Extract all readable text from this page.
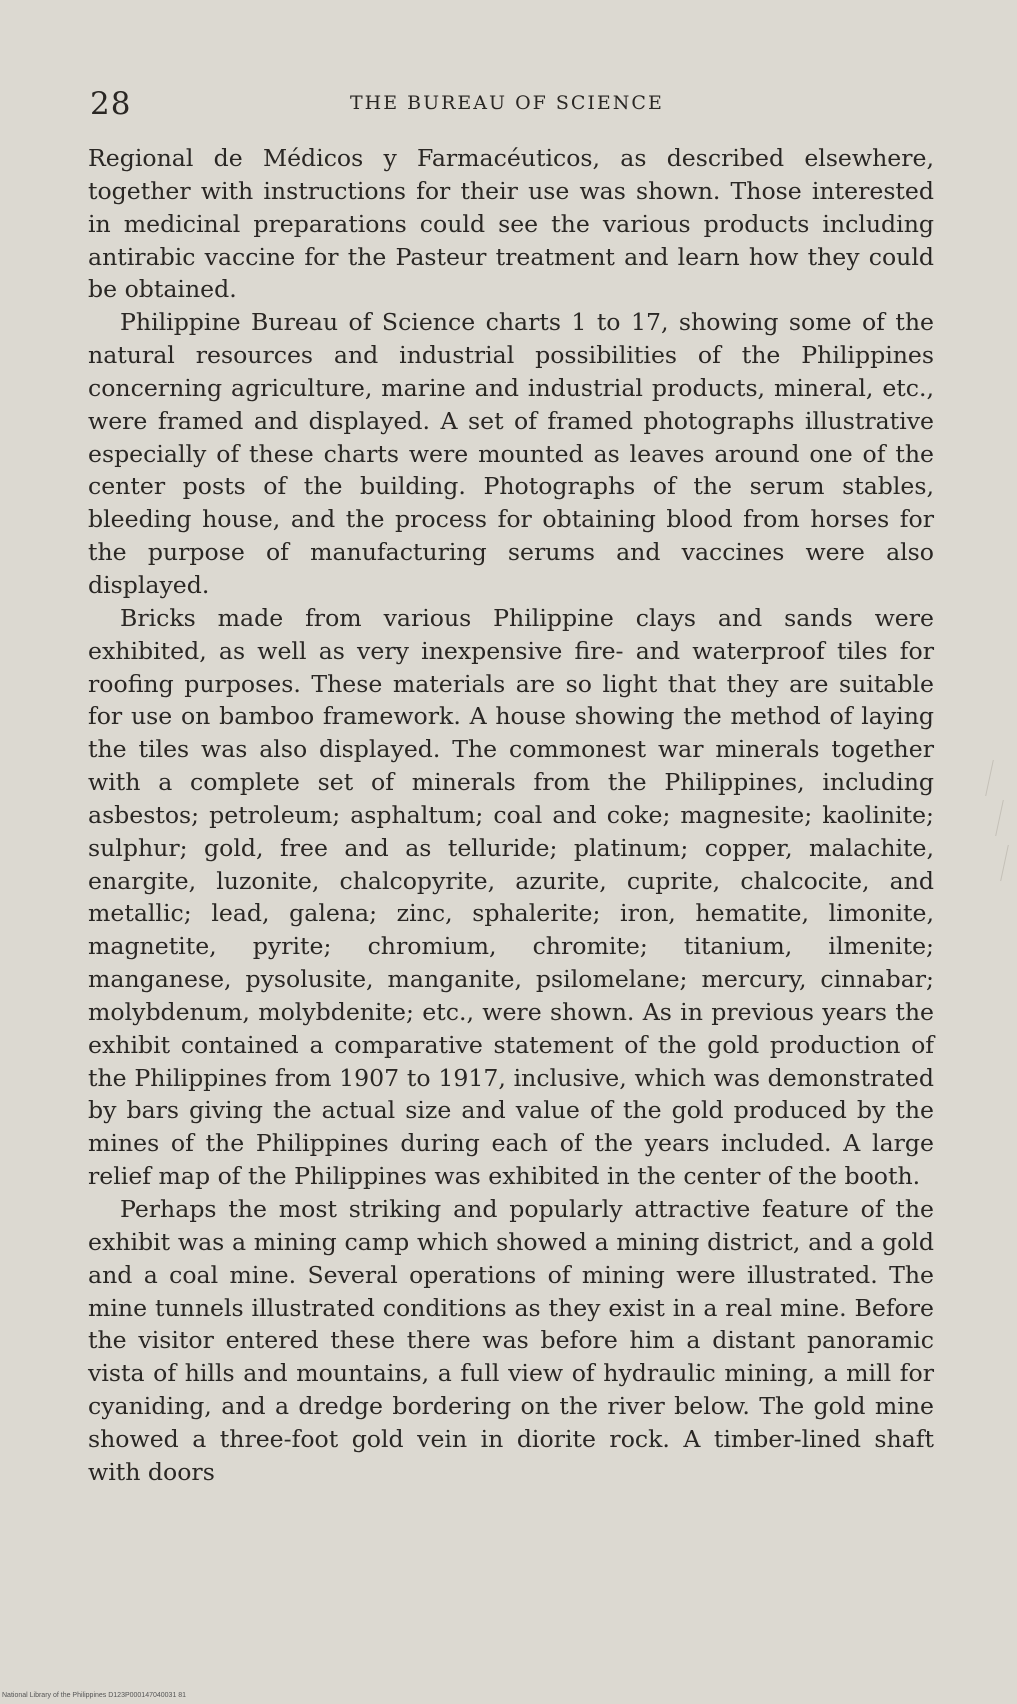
28	THE BUREAU OF SCIENCE

Regional de Médicos y Farmacéuticos, as described elsewhere, together with instructions for their use was shown. Those interested in medicinal preparations could see the various products including antirabic vaccine for the Pasteur treatment and learn how they could be obtained.

Philippine Bureau of Science charts 1 to 17, showing some of the natural resources and industrial possibilities of the Philippines concerning agriculture, marine and industrial products, mineral, etc., were framed and displayed. A set of framed photographs illustrative especially of these charts were mounted as leaves around one of the center posts of the building. Photographs of the serum stables, bleeding house, and the process for obtaining blood from horses for the purpose of manufacturing serums and vaccines were also displayed.

Bricks made from various Philippine clays and sands were exhibited, as well as very inexpensive fire- and waterproof tiles for roofing purposes. These materials are so light that they are suitable for use on bamboo framework. A house showing the method of laying the tiles was also displayed. The commonest war minerals together with a complete set of minerals from the Philippines, including asbestos; petroleum; asphaltum; coal and coke; magnesite; kaolinite; sulphur; gold, free and as telluride; platinum; copper, malachite, enargite, luzonite, chalcopyrite, azurite, cuprite, chalcocite, and metallic; lead, galena; zinc, sphalerite; iron, hematite, limonite, magnetite, pyrite; chromium, chromite; titanium, ilmenite; manganese, pysolusite, manganite, psilomelane; mercury, cinnabar; molybdenum, molybdenite; etc., were shown. As in previous years the exhibit contained a comparative statement of the gold production of the Philippines from 1907 to 1917, inclusive, which was demonstrated by bars giving the actual size and value of the gold produced by the mines of the Philippines during each of the years included. A large relief map of the Philippines was exhibited in the center of the booth.

Perhaps the most striking and popularly attractive feature of the exhibit was a mining camp which showed a mining district, and a gold and a coal mine. Several operations of mining were illustrated. The mine tunnels illustrated conditions as they exist in a real mine. Before the visitor entered these there was before him a distant panoramic vista of hills and mountains, a full view of hydraulic mining, a mill for cyaniding, and a dredge bordering on the river below. The gold mine showed a three-foot gold vein in diorite rock. A timber-lined shaft with doors

National Library of the Philippines D123P000147040031 81
